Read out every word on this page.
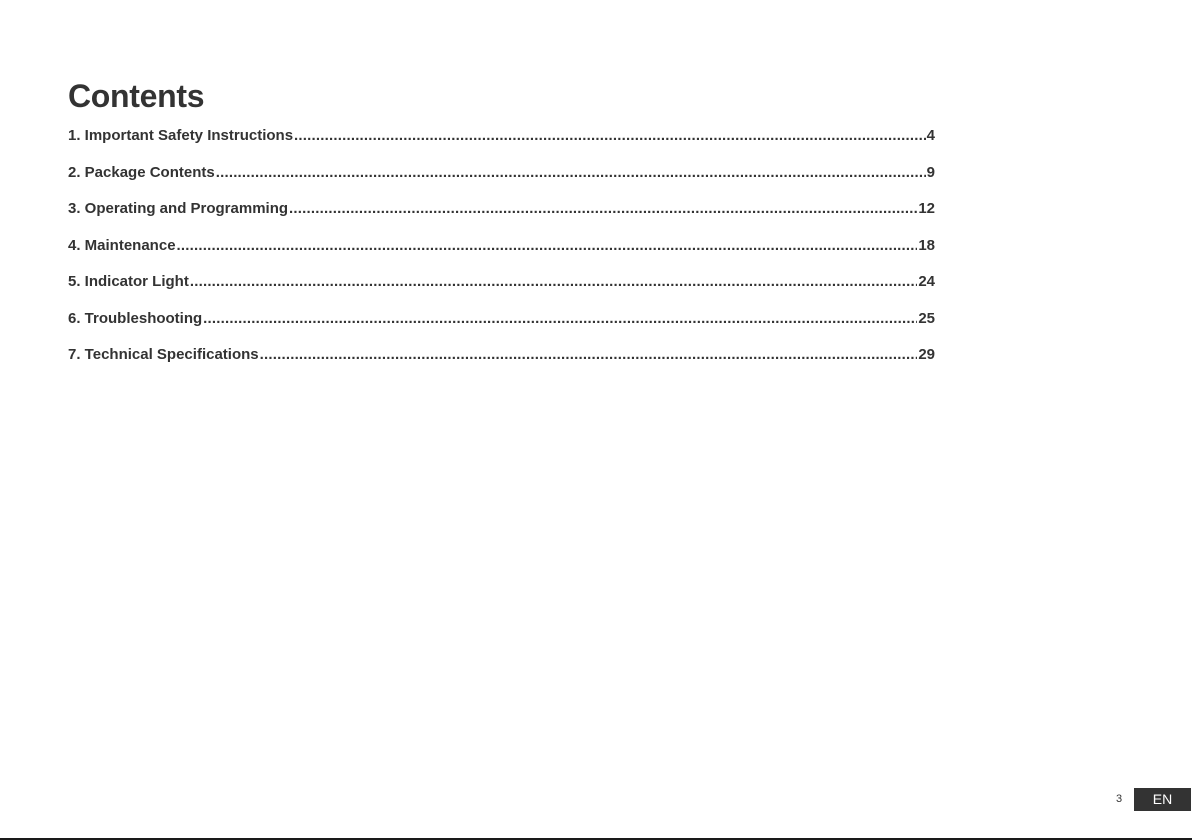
Contents
1. Important Safety Instructions .....	4
2. Package Contents .....	9
3. Operating and Programming .....	12
4. Maintenance .....	18
5. Indicator Light .....	24
6. Troubleshooting .....	25
7. Technical Specifications .....	29
3	EN
